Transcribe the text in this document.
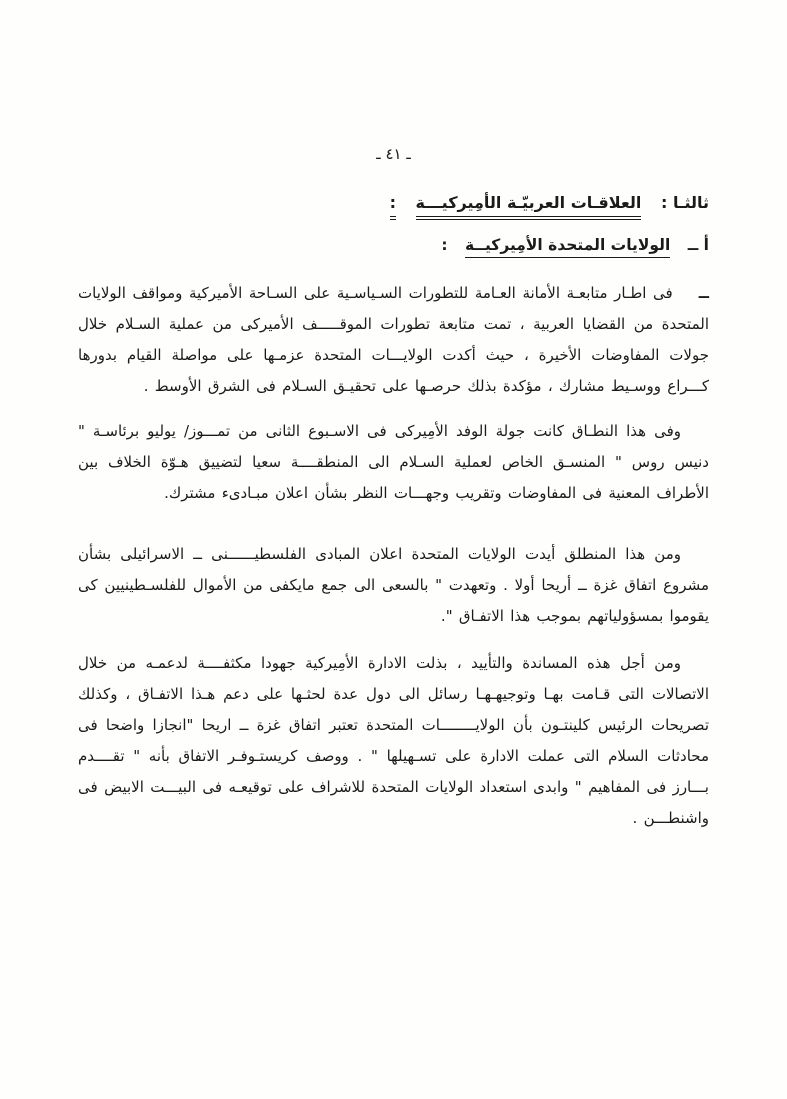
ـ ٤١ ـ
ثالثـا : العلاقـات العربيّـة الأمِيركيـــة :
أ ــ الولايات المتحدة الأمِيركيــة :

ــفى اطـار متابعـة الأمانة العـامة للتطورات السـياسـية على السـاحة الأميركية ومواقف الولايات المتحدة من القضايا العربية ، تمت متابعة تطورات الموقـــــف الأميركى من عملية السـلام خلال جولات المفاوضات الأخيرة ، حيث أكدت الولايـــات المتحدة عزمـها على مواصلة القيام بدورها كـــراع ووسـيط مشارك ، مؤكدة بذلك حرصـها على تحقيـق السـلام فى الشرق الأوسط .

وفى هذا النطـاق كانت جولة الوفد الأمِيركى فى الاسـبوع الثانى من تمـــوز/ يوليو برئاسـة " دنيس روس " المنسـق الخاص لعملية السـلام الى المنطقــــة سعيا لتضييق هـوّة الخلاف بين الأطراف المعنية فى المفاوضات وتقريب وجهـــات النظر بشأن اعلان مبـادىء مشترك.

ومن هذا المنطلق أيدت الولايات المتحدة اعلان المبادى الفلسطيــــــنى ــ الاسرائيلى بشأن مشروع اتفاق غزة ــ أريحا أولا . وتعهدت " بالسعى الى جمع مايكفى من الأموال للفلسـطينيين كى يقوموا بمسؤولياتهم بموجب هذا الاتفـاق ".

ومن أجل هذه المساندة والتأييد ، بذلت الادارة الأمِيركية جهودا مكثفــــة لدعمـه من خلال الاتصالات التى قـامت بهـا وتوجيهـهـا رسائل الى دول عدة لحثـها على دعم هـذا الاتفـاق ، وكذلك تصريحات الرئيس كلينتـون بأن الولايــــــــات المتحدة تعتبر اتفاق غزة ــ اريحا "انجازا واضحا فى محادثات السلام التى عملت الادارة على تسـهيلها " . ووصف كريستـوفـر الاتفاق بأنه " تقــــدم بـــارز فى المفاهيم " وابدى استعداد الولايات المتحدة للاشراف على توقيعـه فى البيـــت الابيض فى واشنطـــن .
